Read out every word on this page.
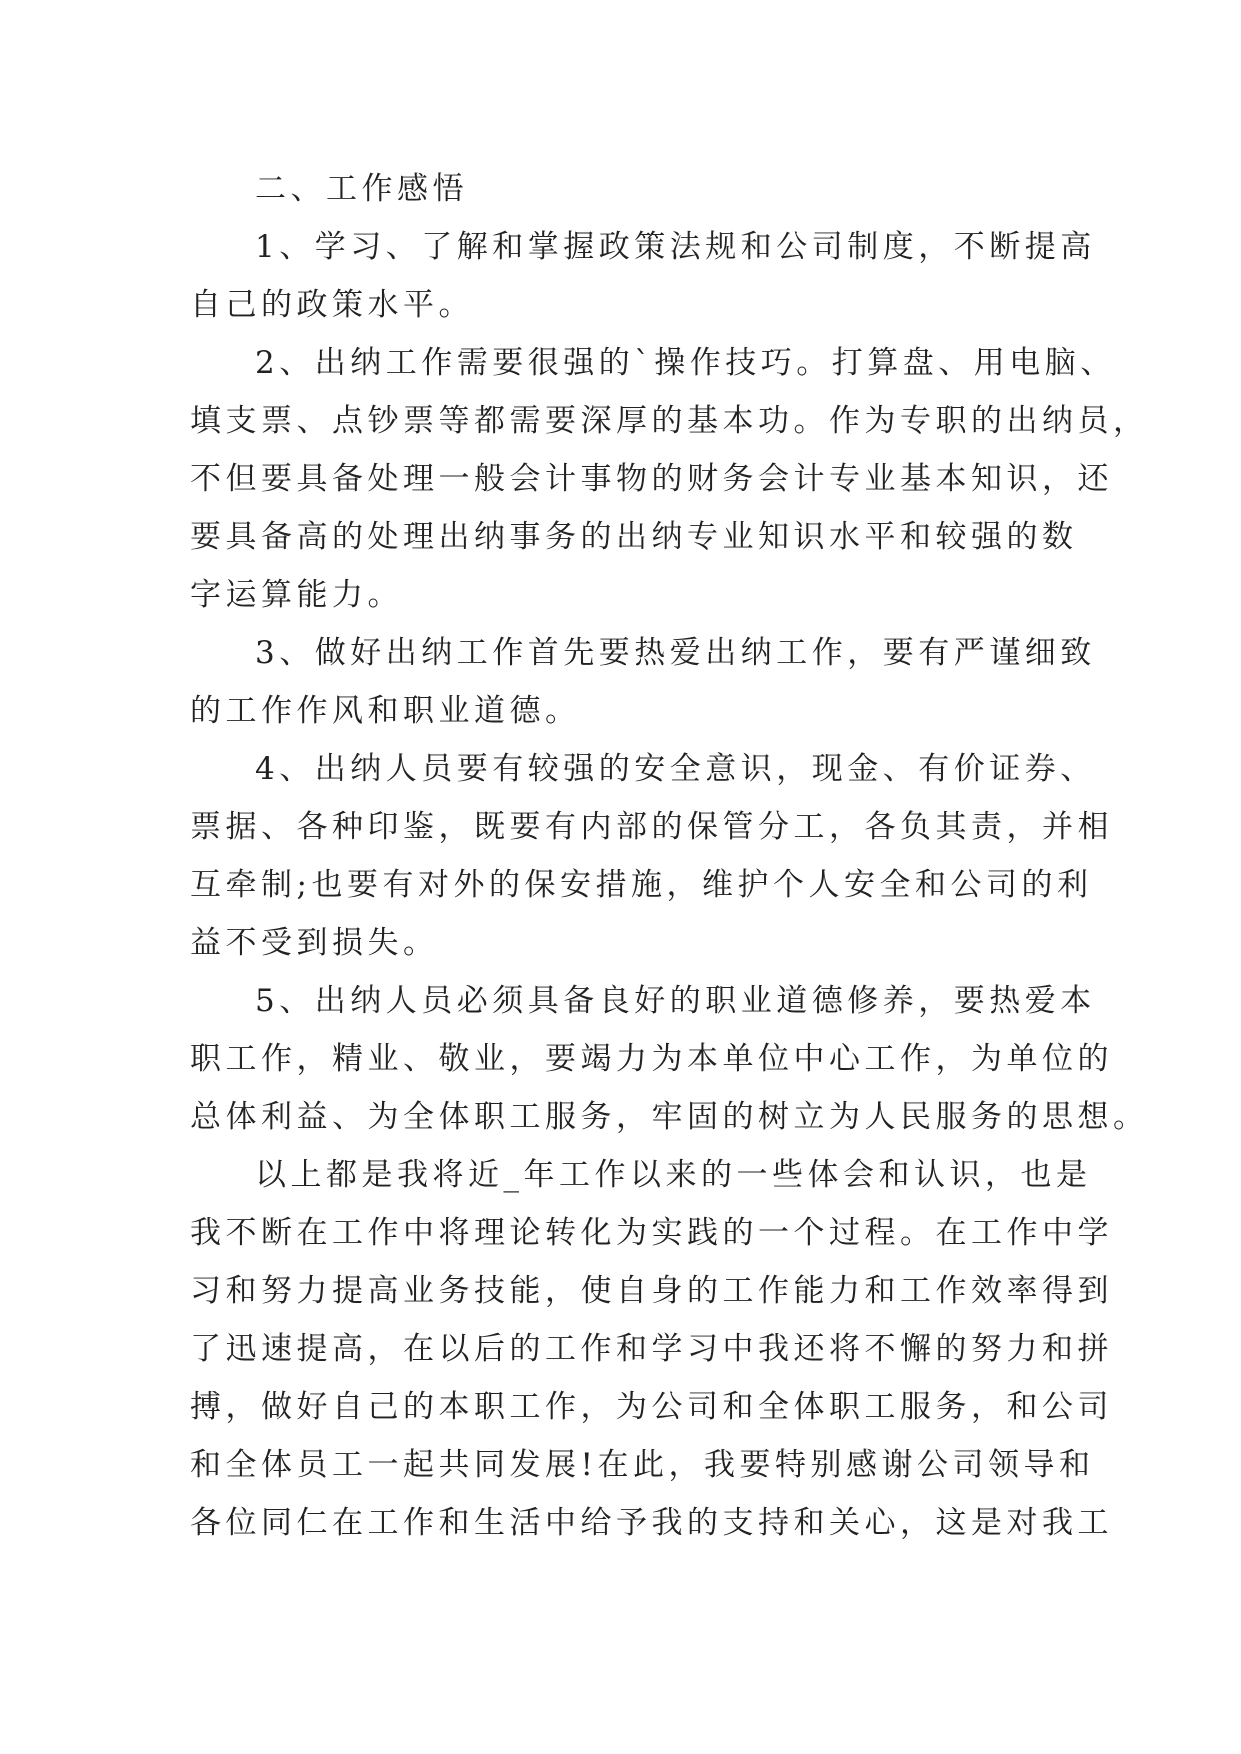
二、工作感悟
1、学习、了解和掌握政策法规和公司制度，不断提高
自己的政策水平。
2、出纳工作需要很强的`操作技巧。打算盘、用电脑、
填支票、点钞票等都需要深厚的基本功。作为专职的出纳员，
不但要具备处理一般会计事物的财务会计专业基本知识，还
要具备高的处理出纳事务的出纳专业知识水平和较强的数
字运算能力。
3、做好出纳工作首先要热爱出纳工作，要有严谨细致
的工作作风和职业道德。
4、出纳人员要有较强的安全意识，现金、有价证券、
票据、各种印鉴，既要有内部的保管分工，各负其责，并相
互牵制;也要有对外的保安措施，维护个人安全和公司的利
益不受到损失。
5、出纳人员必须具备良好的职业道德修养，要热爱本
职工作，精业、敬业，要竭力为本单位中心工作，为单位的
总体利益、为全体职工服务，牢固的树立为人民服务的思想。
以上都是我将近_年工作以来的一些体会和认识，也是
我不断在工作中将理论转化为实践的一个过程。在工作中学
习和努力提高业务技能，使自身的工作能力和工作效率得到
了迅速提高，在以后的工作和学习中我还将不懈的努力和拼
搏，做好自己的本职工作，为公司和全体职工服务，和公司
和全体员工一起共同发展!在此，我要特别感谢公司领导和
各位同仁在工作和生活中给予我的支持和关心，这是对我工
